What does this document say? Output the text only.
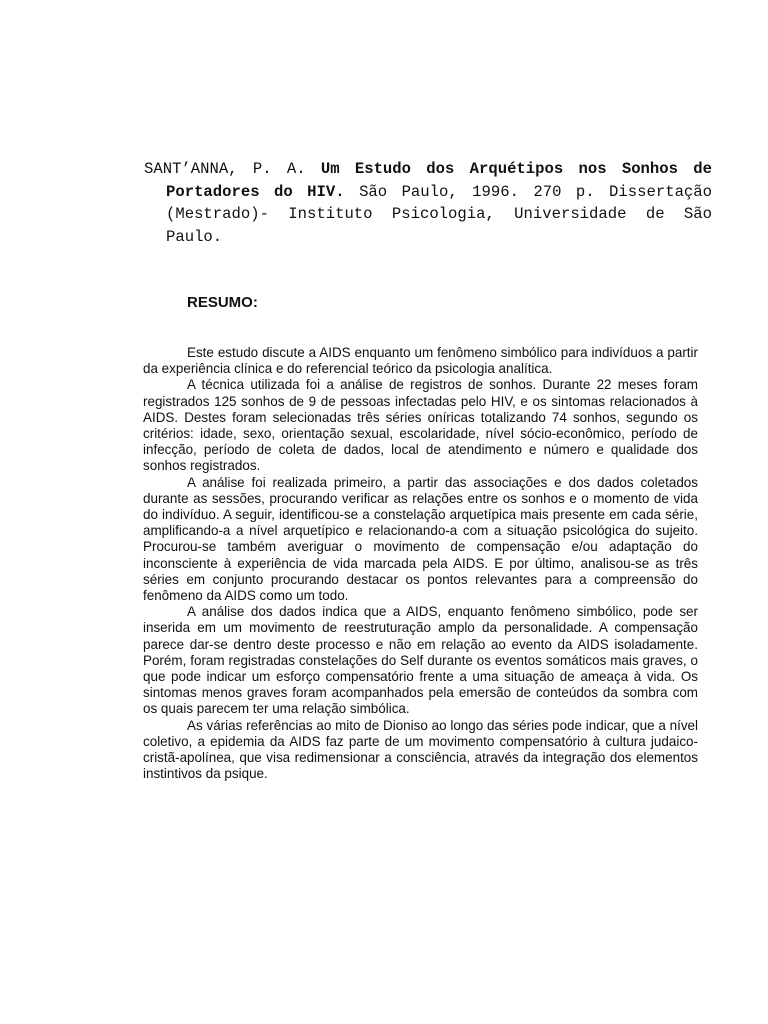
SANT’ANNA, P. A. Um Estudo dos Arquétipos nos Sonhos de Portadores do HIV. São Paulo, 1996. 270 p. Dissertação (Mestrado)- Instituto Psicologia, Universidade de São Paulo.
RESUMO:

Este estudo discute a AIDS enquanto um fenômeno simbólico para indivíduos a partir da experiência clínica e do referencial teórico da psicologia analítica.

A técnica utilizada foi a análise de registros de sonhos. Durante 22 meses foram registrados 125 sonhos de 9 de pessoas infectadas pelo HIV, e os sintomas relacionados à AIDS. Destes foram selecionadas três séries oníricas totalizando 74 sonhos, segundo os critérios: idade, sexo, orientação sexual, escolaridade, nível sócio-econômico, período de infecção, período de coleta de dados, local de atendimento e número e qualidade dos sonhos registrados.

A análise foi realizada primeiro, a partir das associações e dos dados coletados durante as sessões, procurando verificar as relações entre os sonhos e o momento de vida do indivíduo. A seguir, identificou-se a constelação arquetípica mais presente em cada série, amplificando-a a nível arquetípico e relacionando-a com a situação psicológica do sujeito. Procurou-se também averiguar o movimento de compensação e/ou adaptação do inconsciente à experiência de vida marcada pela AIDS. E por último, analisou-se as três séries em conjunto procurando destacar os pontos relevantes para a compreensão do fenômeno da AIDS como um todo.

A análise dos dados indica que a AIDS, enquanto fenômeno simbólico, pode ser inserida em um movimento de reestruturação amplo da personalidade. A compensação parece dar-se dentro deste processo e não em relação ao evento da AIDS isoladamente. Porém, foram registradas constelações do Self durante os eventos somáticos mais graves, o que pode indicar um esforço compensatório frente a uma situação de ameaça à vida. Os sintomas menos graves foram acompanhados pela emersão de conteúdos da sombra com os quais parecem ter uma relação simbólica.

As várias referências ao mito de Dioniso ao longo das séries pode indicar, que a nível coletivo, a epidemia da AIDS faz parte de um movimento compensatório à cultura judaico-cristã-apolínea, que visa redimensionar a consciência, através da integração dos elementos instintivos da psique.
